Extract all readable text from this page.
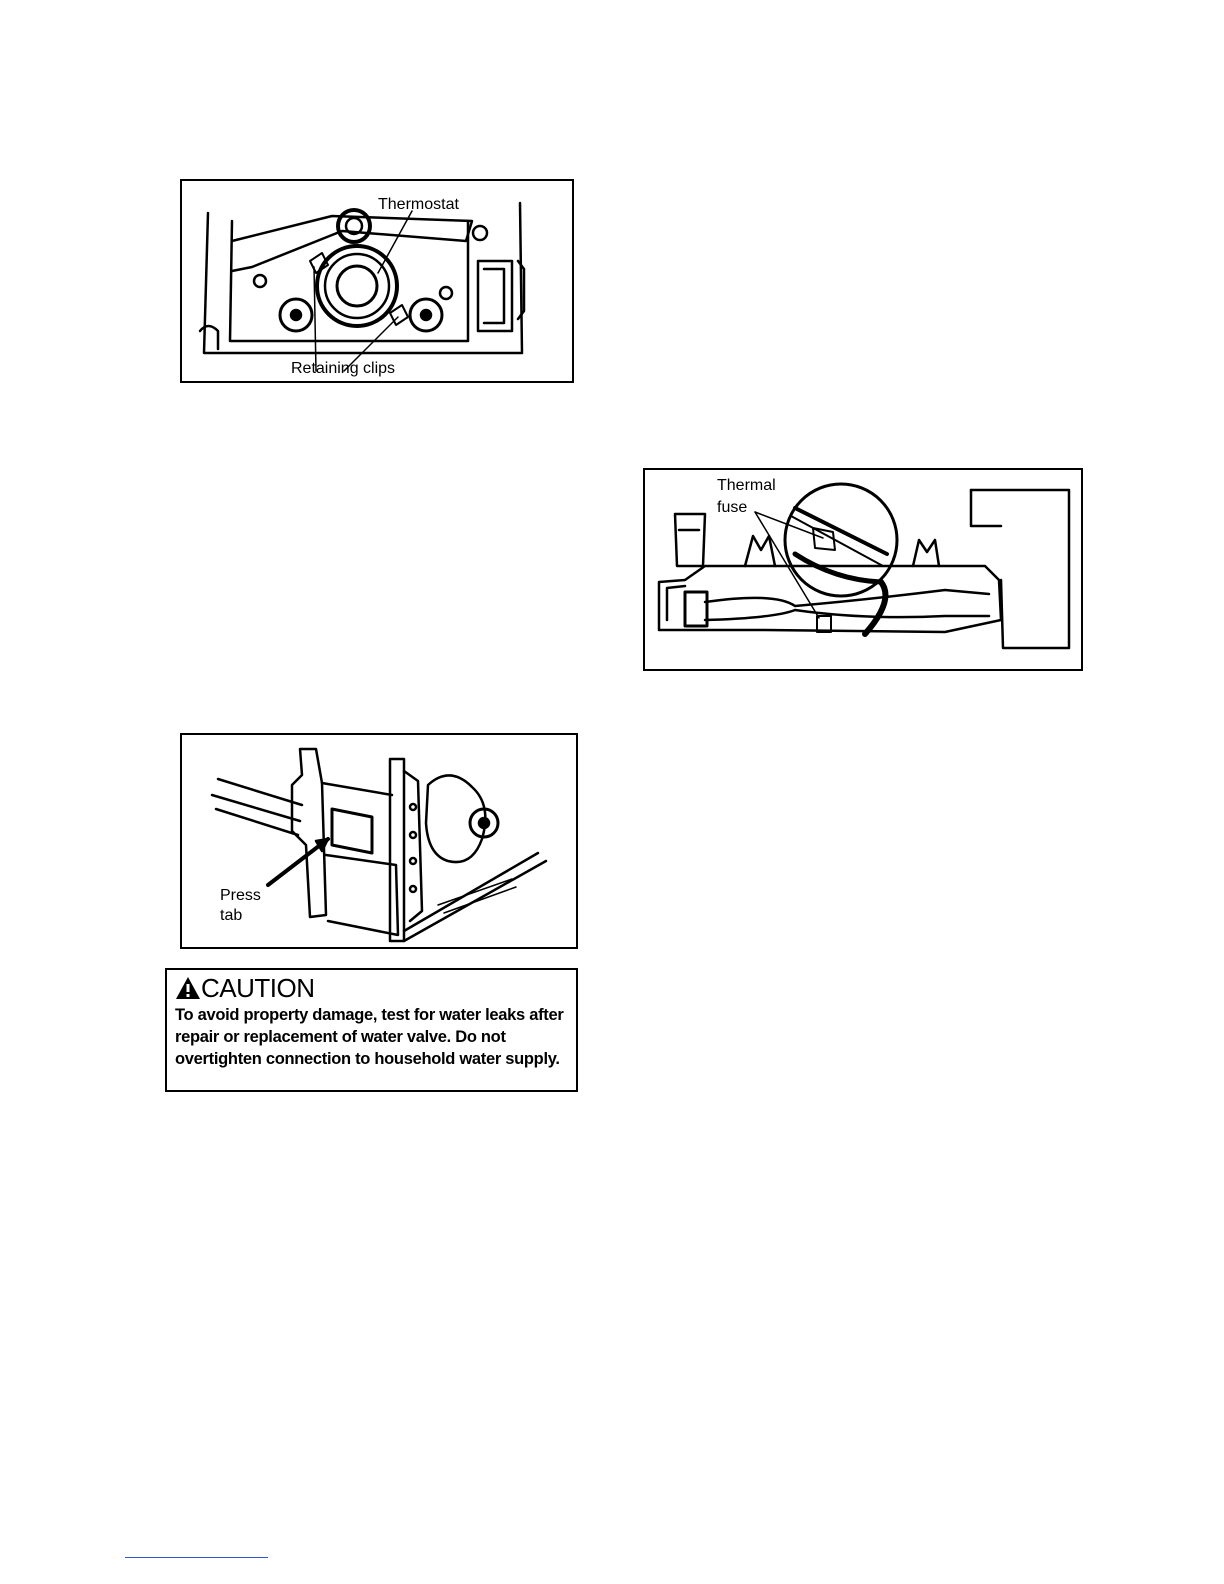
Thermostat
Retaining clips
Thermal
fuse
Press
tab
CAUTION
To avoid property damage, test for water leaks after repair or replacement of water valve. Do not overtighten connection to household water supply.
